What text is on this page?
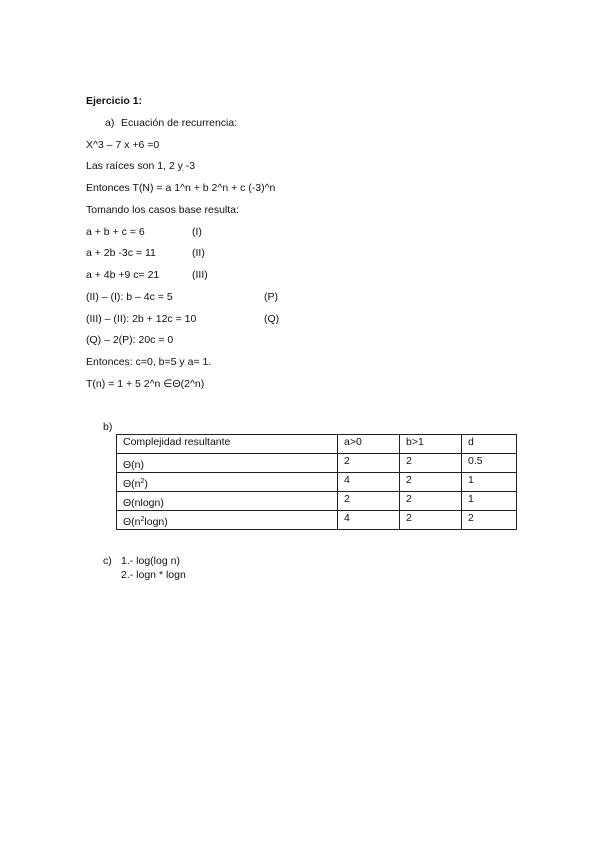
Ejercicio 1:
a) Ecuación de recurrencia:
X^3 – 7 x +6 =0
Las raíces son 1, 2 y -3
Entonces T(N) = a 1^n + b 2^n + c (-3)^n
Tomando los casos base resulta:
a + b + c = 6	(I)
a + 2b -3c = 11	(II)
a + 4b +9 c= 21	(III)
(II) – (I): b – 4c = 5	(P)
(III) – (II): 2b + 12c = 10	(Q)
(Q) – 2(P): 20c = 0
Entonces: c=0, b=5 y a= 1.
T(n) = 1 + 5 2^n ∈Θ(2^n)
b)
Complejidad resultante	a>0	b>1	d
Θ(n)	2	2	0.5
$\Theta(n^2)$	4	2	1
Θ(nlogn)	2	2	1
$\Theta(n^2\log n)$	4	2	2
c) 1.- log(log n)
2.- logn * logn
